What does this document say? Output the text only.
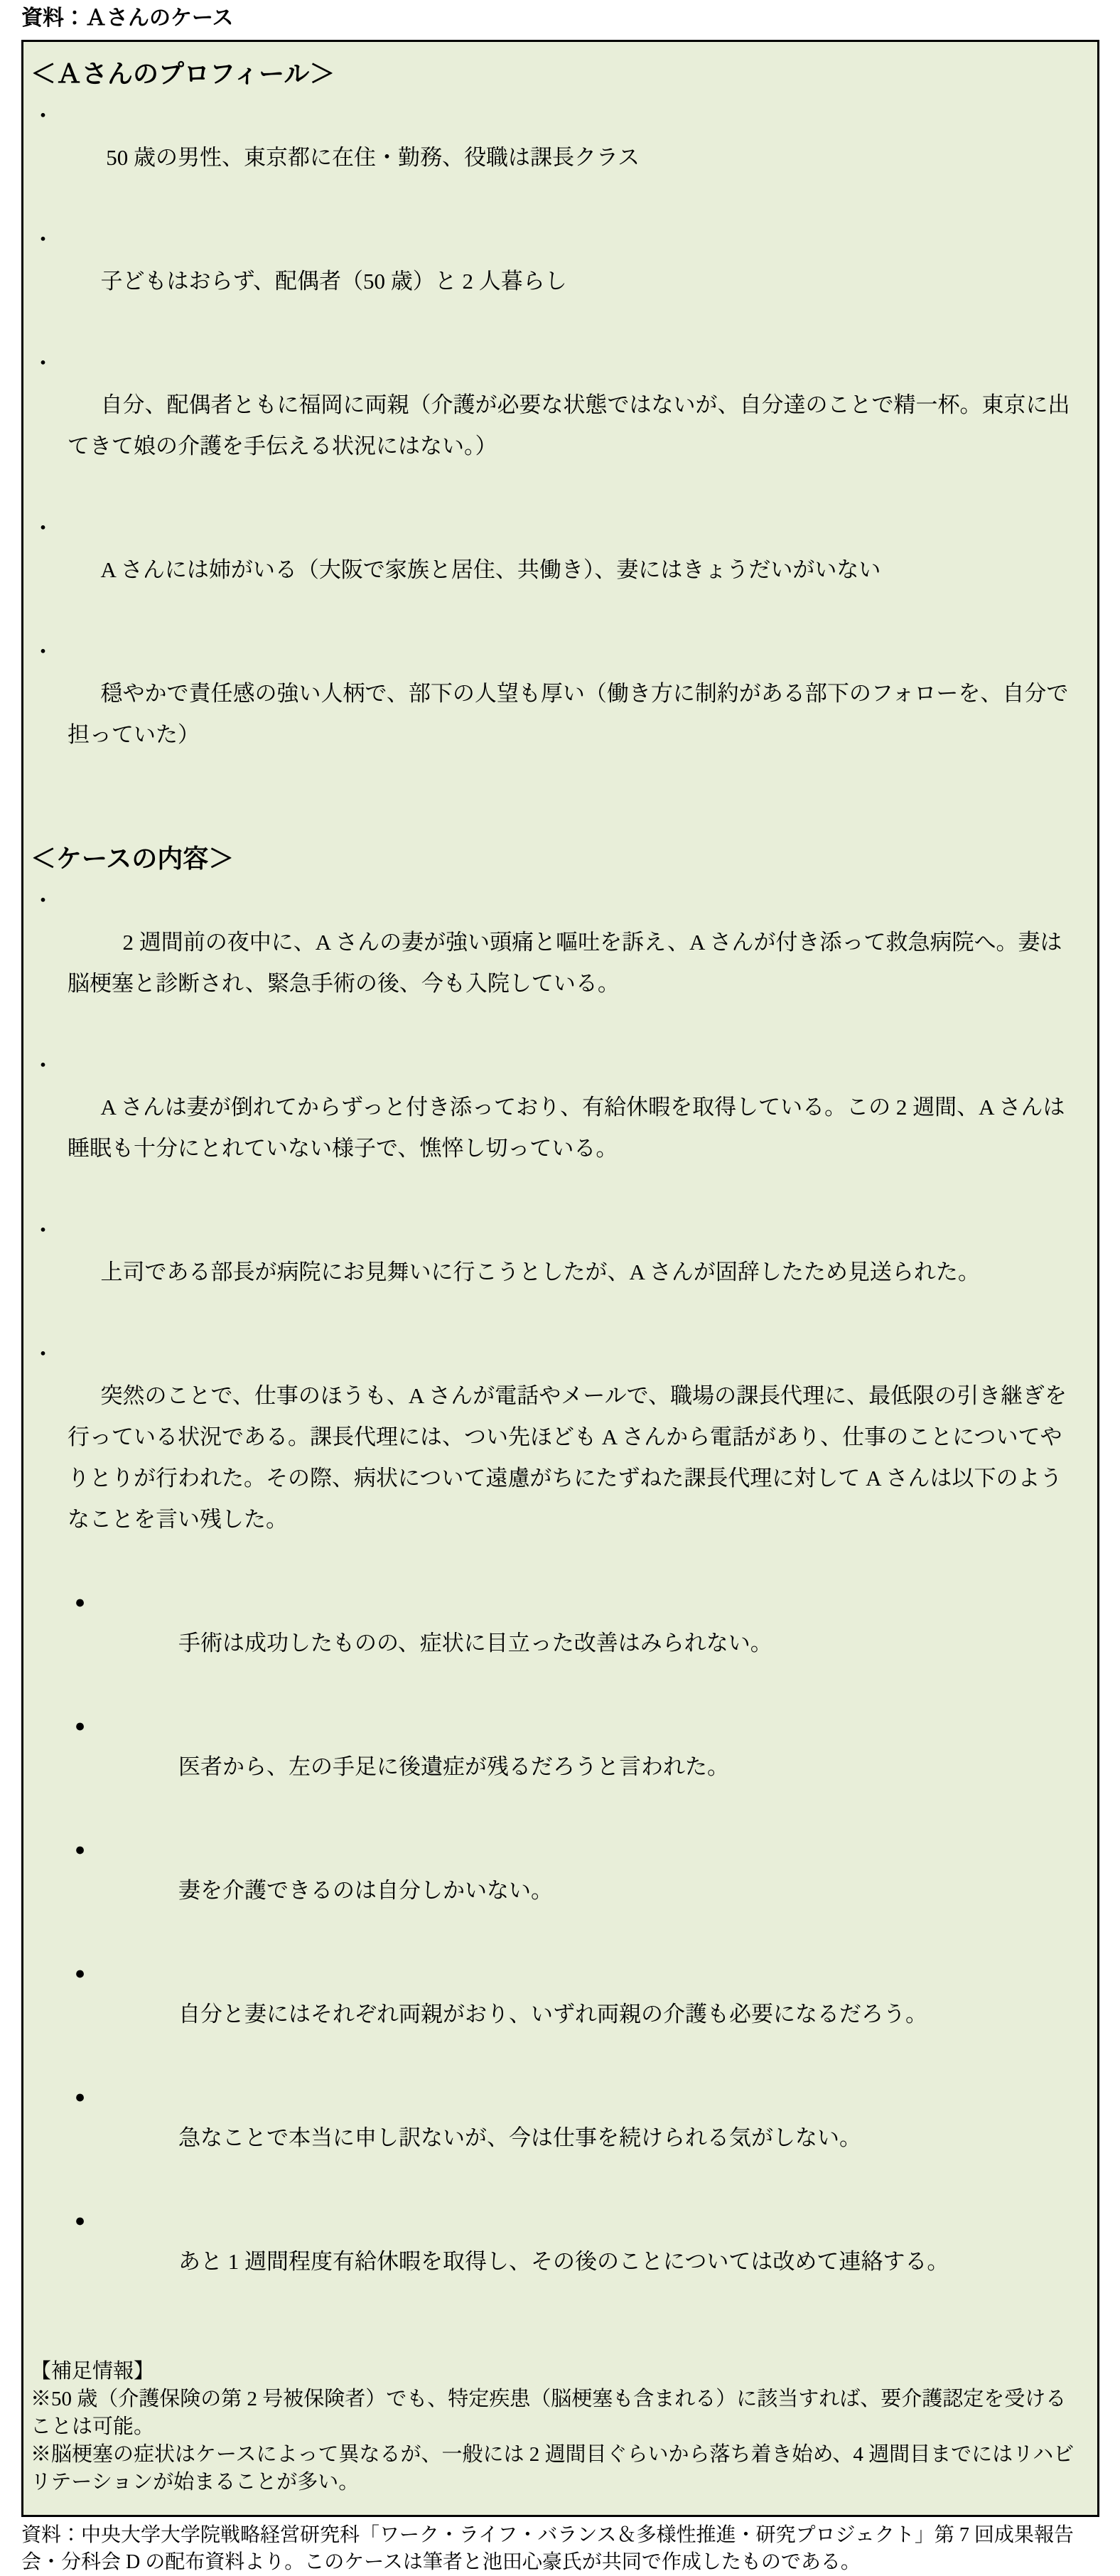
資料：Ａさんのケース
＜Ａさんのプロフィール＞

・
50 歳の男性、東京都に在住・勤務、役職は課長クラス

・
子どもはおらず、配偶者（50 歳）と 2 人暮らし

・
自分、配偶者ともに福岡に両親（介護が必要な状態ではないが、自分達のことで精一杯。東京に出てきて娘の介護を手伝える状況にはない。）

・
A さんには姉がいる（大阪で家族と居住、共働き）、妻にはきょうだいがいない

・
穏やかで責任感の強い人柄で、部下の人望も厚い（働き方に制約がある部下のフォローを、自分で担っていた）

＜ケースの内容＞

・
　2 週間前の夜中に、A さんの妻が強い頭痛と嘔吐を訴え、A さんが付き添って救急病院へ。妻は脳梗塞と診断され、緊急手術の後、今も入院している。

・
A さんは妻が倒れてからずっと付き添っており、有給休暇を取得している。この 2 週間、A さんは睡眠も十分にとれていない様子で、憔悴し切っている。

・
上司である部長が病院にお見舞いに行こうとしたが、A さんが固辞したため見送られた。

・
突然のことで、仕事のほうも、A さんが電話やメールで、職場の課長代理に、最低限の引き継ぎを行っている状況である。課長代理には、つい先ほども A さんから電話があり、仕事のことについてやりとりが行われた。その際、病状について遠慮がちにたずねた課長代理に対して A さんは以下のようなことを言い残した。

●
手術は成功したものの、症状に目立った改善はみられない。

●
医者から、左の手足に後遺症が残るだろうと言われた。

●
妻を介護できるのは自分しかいない。

●
自分と妻にはそれぞれ両親がおり、いずれ両親の介護も必要になるだろう。

●
急なことで本当に申し訳ないが、今は仕事を続けられる気がしない。

●
あと 1 週間程度有給休暇を取得し、その後のことについては改めて連絡する。

【補足情報】

※50 歳（介護保険の第 2 号被保険者）でも、特定疾患（脳梗塞も含まれる）に該当すれば、要介護認定を受けることは可能。

※脳梗塞の症状はケースによって異なるが、一般には 2 週間目ぐらいから落ち着き始め、4 週間目までにはリハビリテーションが始まることが多い。

資料：中央大学大学院戦略経営研究科「ワーク・ライフ・バランス＆多様性推進・研究プロジェクト」第 7 回成果報告会・分科会 D の配布資料より。このケースは筆者と池田心豪氏が共同で作成したものである。
